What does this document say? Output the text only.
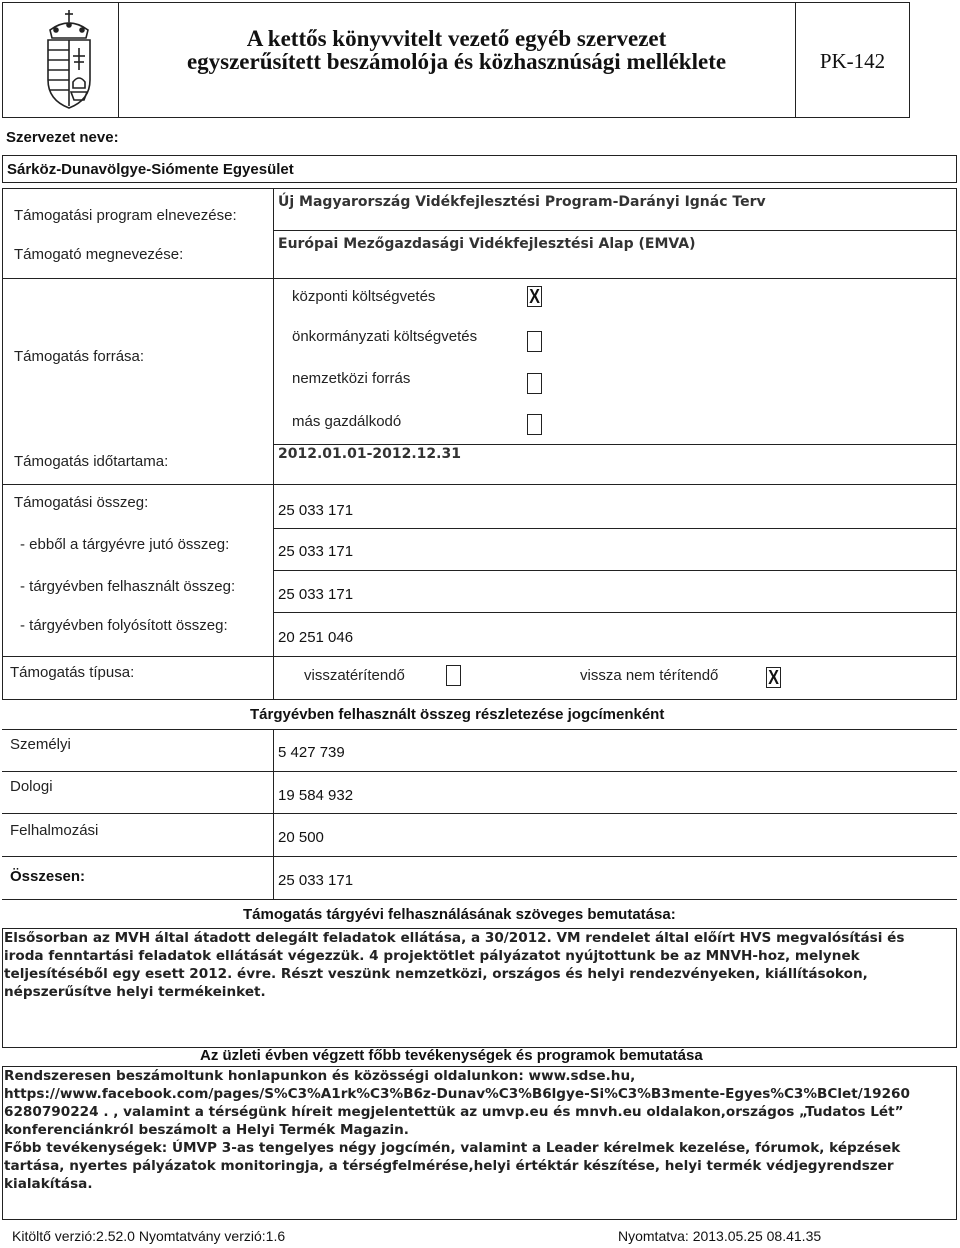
A kettős könyvvitelt vezető egyéb szervezet
egyszerűsített beszámolója és közhasznúsági melléklete	PK-142
Szervezet neve:
Sárköz-Dunavölgye-Siómente Egyesület
Támogatási program elnevezése:
Új Magyarország Vidékfejlesztési Program-Darányi Ignác Terv
Támogató megnevezése:
Európai Mezőgazdasági Vidékfejlesztési Alap (EMVA)
Támogatás forrása:
központi költségvetés	X
önkormányzati költségvetés
nemzetközi forrás
más gazdálkodó
Támogatás időtartama:	2012.01.01-2012.12.31
Támogatási összeg:	25 033 171
- ebből a tárgyévre jutó összeg:	25 033 171
- tárgyévben felhasznált összeg:	25 033 171
- tárgyévben folyósított összeg:
20 251 046
Támogatás típusa:	visszatérítendő	vissza nem térítendő X
Tárgyévben felhasznált összeg részletezése jogcímenként
Személyi	5 427 739
Dologi
19 584 932
Felhalmozási	20 500
Összesen:	25 033 171
Támogatás tárgyévi felhasználásának szöveges bemutatása:
Elsősorban az MVH által átadott delegált feladatok ellátása, a 30/2012. VM rendelet által előírt HVS megvalósítási és
iroda fenntartási feladatok ellátását végezzük. 4 projektötlet pályázatot nyújtottunk be az MNVH-hoz, melynek
teljesítéséből egy esett 2012. évre. Részt veszünk nemzetközi, országos és helyi rendezvényeken, kiállításokon,
népszerűsítve helyi termékeinket.
Az üzleti évben végzett főbb tevékenységek és programok bemutatása
Rendszeresen beszámoltunk honlapunkon és közösségi oldalunkon: www.sdse.hu,
https://www.facebook.com/pages/S%C3%A1rk%C3%B6z-Dunav%C3%B6lgye-Si%C3%B3mente-Egyes%C3%BClet/19260
6280790224 . , valamint a térségünk híreit megjelentettük az umvp.eu és mnvh.eu oldalakon,országos „Tudatos Lét”
konferenciánkról beszámolt a Helyi Termék Magazin.
Főbb tevékenységek: ÚMVP 3-as tengelyes négy jogcímén, valamint a Leader kérelmek kezelése, fórumok, képzések
tartása, nyertes pályázatok monitoringja, a térségfelmérése,helyi értéktár készítése, helyi termék védjegyrendszer
kialakítása.
Kitöltő verzió:2.52.0 Nyomtatvány verzió:1.6	Nyomtatva: 2013.05.25 08.41.35
